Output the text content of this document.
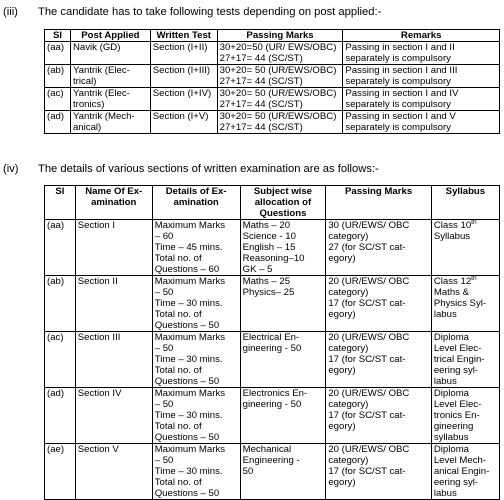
(iii) The candidate has to take following tests depending on post applied:-
Sl	Post Applied	Written Test	Passing Marks	Remarks
(aa)	Navik (GD)	Section (I+II)	30+20=50 (UR/ EWS/OBC)
27+17= 44 (SC/ST)	Passing in section I and II
separately is compulsory
(ab)	Yantrik (Elec-
trical)	Section (I+III)	30+20= 50 (UR/EWS/OBC)
27+17= 44 (SC/ST)	Passing in section I and III
separately is compulsory
(ac)	Yantrik (Elec-
tronics)	Section (I+IV)	30+20= 50 (UR/EWS/OBC)
27+17= 44 (SC/ST)	Passing in section I and IV
separately is compulsory
(ad)	Yantrik (Mech-
anical)	Section (I+V)	30+20= 50 (UR/EWS/OBC)
27+17= 44 (SC/ST)	Passing in section I and V
separately is compulsory
(iv) The details of various sections of written examination are as follows:-
Sl	Name Of Ex- amination	Details of Ex- amination	Subject wise allocation of Questions	Passing Marks	Syllabus
(aa)	Section I	Maximum Marks
– 60
Time – 45 mins.
Total no. of
Questions – 60	Maths – 20
Science - 10
English – 15
Reasoning–10
GK – 5	30 (UR/EWS/ OBC
category)
27 (for SC/ST cat-
egory)	Class 10th
Syllabus
(ab)	Section II	Maximum Marks
– 50
Time – 30 mins.
Total no. of
Questions – 50	Maths – 25
Physics– 25	20 (UR/EWS/ OBC
category)
17 (for SC/ST cat-
egory)	Class 12th
Maths &
Physics Syl-
labus
(ac)	Section III	Maximum Marks
– 50
Time – 30 mins.
Total no. of
Questions – 50	Electrical En-
gineering - 50	20 (UR/EWS/ OBC
category)
17 (for SC/ST cat-
egory)	Diploma
Level Elec-
trical Engin-
eering syl-
labus
(ad)	Section IV	Maximum Marks
– 50
Time – 30 mins.
Total no. of
Questions – 50	Electronics En-
gineering - 50	20 (UR/EWS/ OBC
category)
17 (for SC/ST cat-
egory)	Diploma
Level Elec-
tronics En-
gineering
syllabus
(ae)	Section V	Maximum Marks
– 50
Time – 30 mins.
Total no. of
Questions – 50	Mechanical
Engineering -
50	20 (UR/EWS/ OBC
category)
17 (for SC/ST cat-
egory)	Diploma
Level Mech-
anical Engin-
eering syl-
labus
